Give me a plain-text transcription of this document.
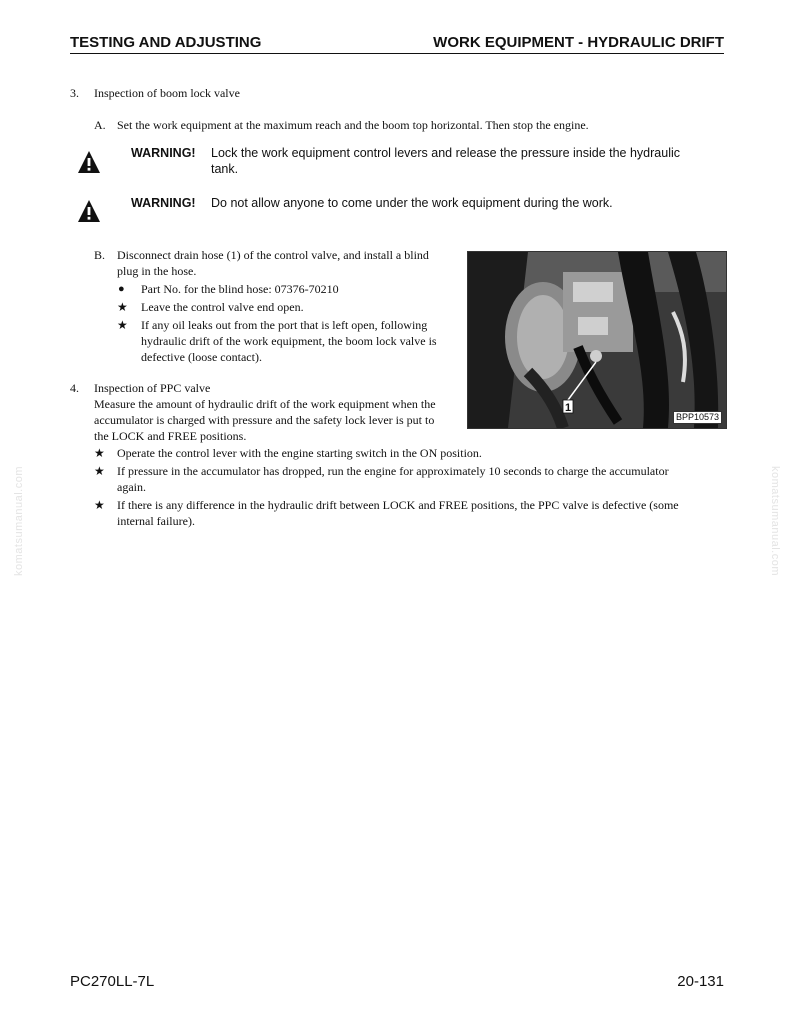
TESTING AND ADJUSTING	WORK EQUIPMENT - HYDRAULIC DRIFT
3. Inspection of boom lock valve
A. Set the work equipment at the maximum reach and the boom top horizontal. Then stop the engine.
WARNING! Lock the work equipment control levers and release the pressure inside the hydraulic
tank.
WARNING! Do not allow anyone to come under the work equipment during the work.
B. Disconnect drain hose (1) of the control valve, and install a blind
plug in the hose.
● Part No. for the blind hose: 07376-70210
★ Leave the control valve end open.
★ If any oil leaks out from the port that is left open, following
hydraulic drift of the work equipment, the boom lock valve is
defective (loose contact).
1
BPP10573
4. Inspection of PPC valve
Measure the amount of hydraulic drift of the work equipment when the
accumulator is charged with pressure and the safety lock lever is put to
the LOCK and FREE positions.
★ Operate the control lever with the engine starting switch in the ON position.
★ If pressure in the accumulator has dropped, run the engine for approximately 10 seconds to charge the accumulator
again.
★ If there is any difference in the hydraulic drift between LOCK and FREE positions, the PPC valve is defective (some
internal failure).
komatsumanual.com	komatsumanual.com
PC270LL-7L	20-131
